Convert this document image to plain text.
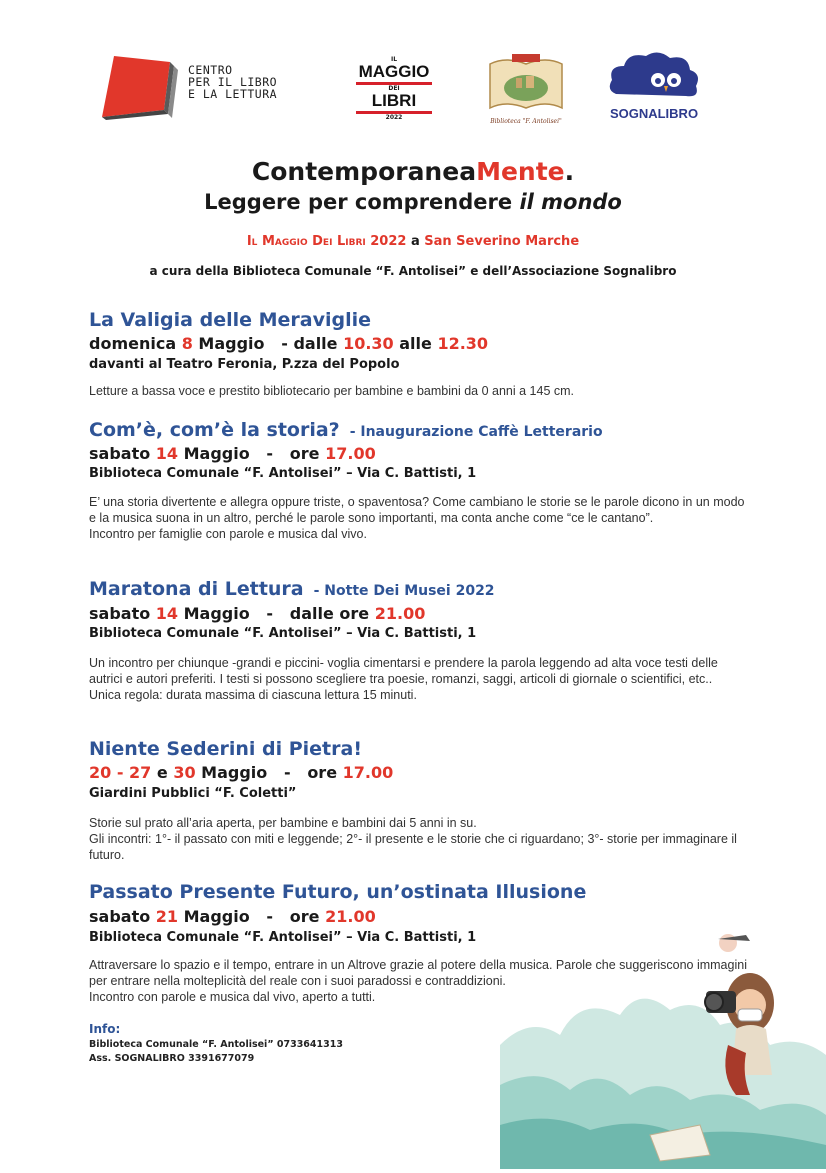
CENTRO
PER IL LIBRO
E LA LETTURA
IL
MAGGIO
DEI
LIBRI
2022
Biblioteca "F. Antolisei"
SOGNALIBRO
ContemporaneaMente.
Leggere per comprendere il mondo
Il Maggio Dei Libri 2022 a San Severino Marche
a cura della Biblioteca Comunale “F. Antolisei” e dell’Associazione Sognalibro
La Valigia delle Meraviglie
domenica 8 Maggio   - dalle 10.30 alle 12.30
davanti al Teatro Feronia, P.zza del Popolo

Letture a bassa voce e prestito bibliotecario per bambine e bambini da 0 anni a 145 cm.

Com’è, com’è la storia? - Inaugurazione Caffè Letterario
sabato 14 Maggio   -   ore 17.00
Biblioteca Comunale “F. Antolisei” – Via C. Battisti, 1

E’ una storia divertente e allegra oppure triste, o spaventosa? Come cambiano le storie se le parole dicono in un modo e la musica suona in un altro, perché le parole sono importanti, ma conta anche come “ce le cantano”.

Incontro per famiglie con parole e musica dal vivo.

Maratona di Lettura - Notte Dei Musei 2022
sabato 14 Maggio   -   dalle ore 21.00
Biblioteca Comunale “F. Antolisei” – Via C. Battisti, 1

Un incontro per chiunque -grandi e piccini- voglia cimentarsi e prendere la parola leggendo ad alta voce testi delle autrici e autori preferiti. I testi si possono scegliere tra poesie, romanzi, saggi, articoli di giornale o scientifici, etc..

Unica regola: durata massima di ciascuna lettura 15 minuti.

Niente Sederini di Pietra!
20 - 27 e 30 Maggio   -   ore 17.00
Giardini Pubblici “F. Coletti”

Storie sul prato all’aria aperta, per bambine e bambini dai 5 anni in su.

Gli incontri: 1°- il passato con miti e leggende; 2°- il presente e le storie che ci riguardano; 3°- storie per immaginare il futuro.

Passato Presente Futuro, un’ostinata Illusione
sabato 21 Maggio   -   ore 21.00
Biblioteca Comunale “F. Antolisei” – Via C. Battisti, 1

Attraversare lo spazio e il tempo, entrare in un Altrove grazie al potere della musica. Parole che suggeriscono immagini per entrare nella molteplicità del reale con i suoi paradossi e contraddizioni.

Incontro con parole e musica dal vivo, aperto a tutti.

Info:
Biblioteca Comunale “F. Antolisei” 0733641313
Ass. SOGNALIBRO 3391677079
